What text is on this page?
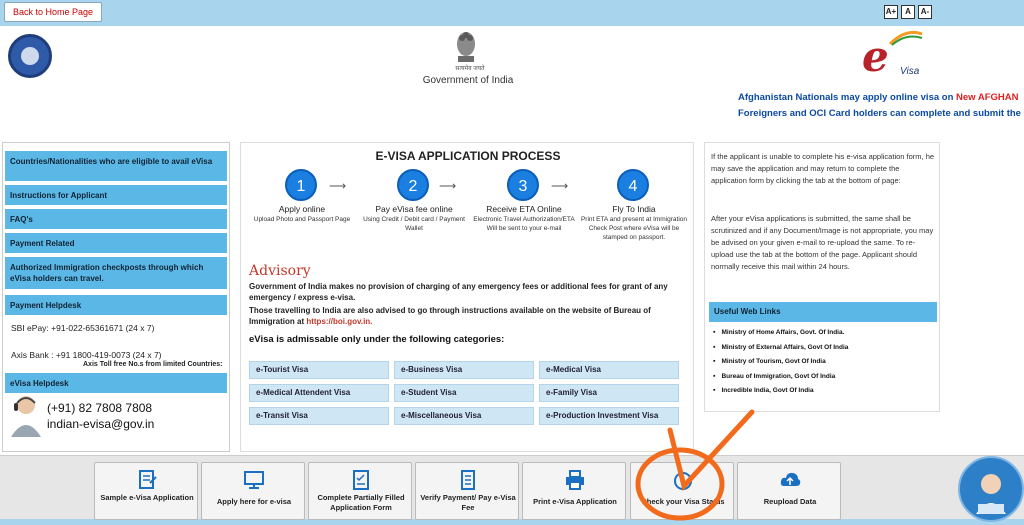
Back to Home Page	A+	A	A-
सत्यमेव जयते
Government of India	e Visa
Afghanistan Nationals may apply online visa on New AFGHAN
Foreigners and OCI Card holders can complete and submit the
Countries/Nationalities who are eligible to avail eVisa
Instructions for Applicant
FAQ's
Payment Related
Authorized Immigration checkposts through which eVisa holders can travel.
Payment Helpdesk
SBI ePay: +91-022-65361671 (24 x 7)
Axis Bank : +91 1800-419-0073 (24 x 7)
Axis Toll free No.s from limited Countries:
eVisa Helpdesk
(+91) 82 7808 7808
indian-evisa@gov.in
E-VISA APPLICATION PROCESS
1	⟶
Apply online
Upload Photo and Passport Page
2	⟶
Pay eVisa fee online
Using Credit / Debit card / Payment Wallet
3	⟶
Receive ETA Online
Electronic Travel Authorization/ETA Will be sent to your e-mail
4
Fly To India
Print ETA and present at Immigration Check Post where eVisa will be stamped on passport.
Advisory
Government of India makes no provision of charging of any emergency fees or additional fees for grant of any emergency / express e-visa.
Those travelling to India are also advised to go through instructions available on the website of Bureau of Immigration at https://boi.gov.in.
eVisa is admissable only under the following categories:
e-Tourist Visa	e-Business Visa	e-Medical Visa
e-Medical Attendent Visa	e-Student Visa	e-Family Visa
e-Transit Visa	e-Miscellaneous Visa	e-Production Investment Visa
If the applicant is unable to complete his e-visa application form, he may save the application and may return to complete the application form by clicking the tab at the bottom of page:
After your eVisa applications is submitted, the same shall be scrutinized and if any Document/Image is not appropriate, you may be advised on your given e-mail to re-upload the same. To re-upload use the tab at the bottom of the page. Applicant should normally receive this mail within 24 hours.
Useful Web Links
▪ Ministry of Home Affairs, Govt. Of India.
▪ Ministry of External Affairs, Govt Of India
▪ Ministry of Tourism, Govt Of India
▪ Bureau of Immigration, Govt Of India
▪ Incredible India, Govt Of India
Sample e-Visa Application	Apply here for e-visa	Complete Partially Filled Application Form
Verify Payment/ Pay e-Visa Fee
Print e-Visa Application	Check your Visa Status	Reupload Data
